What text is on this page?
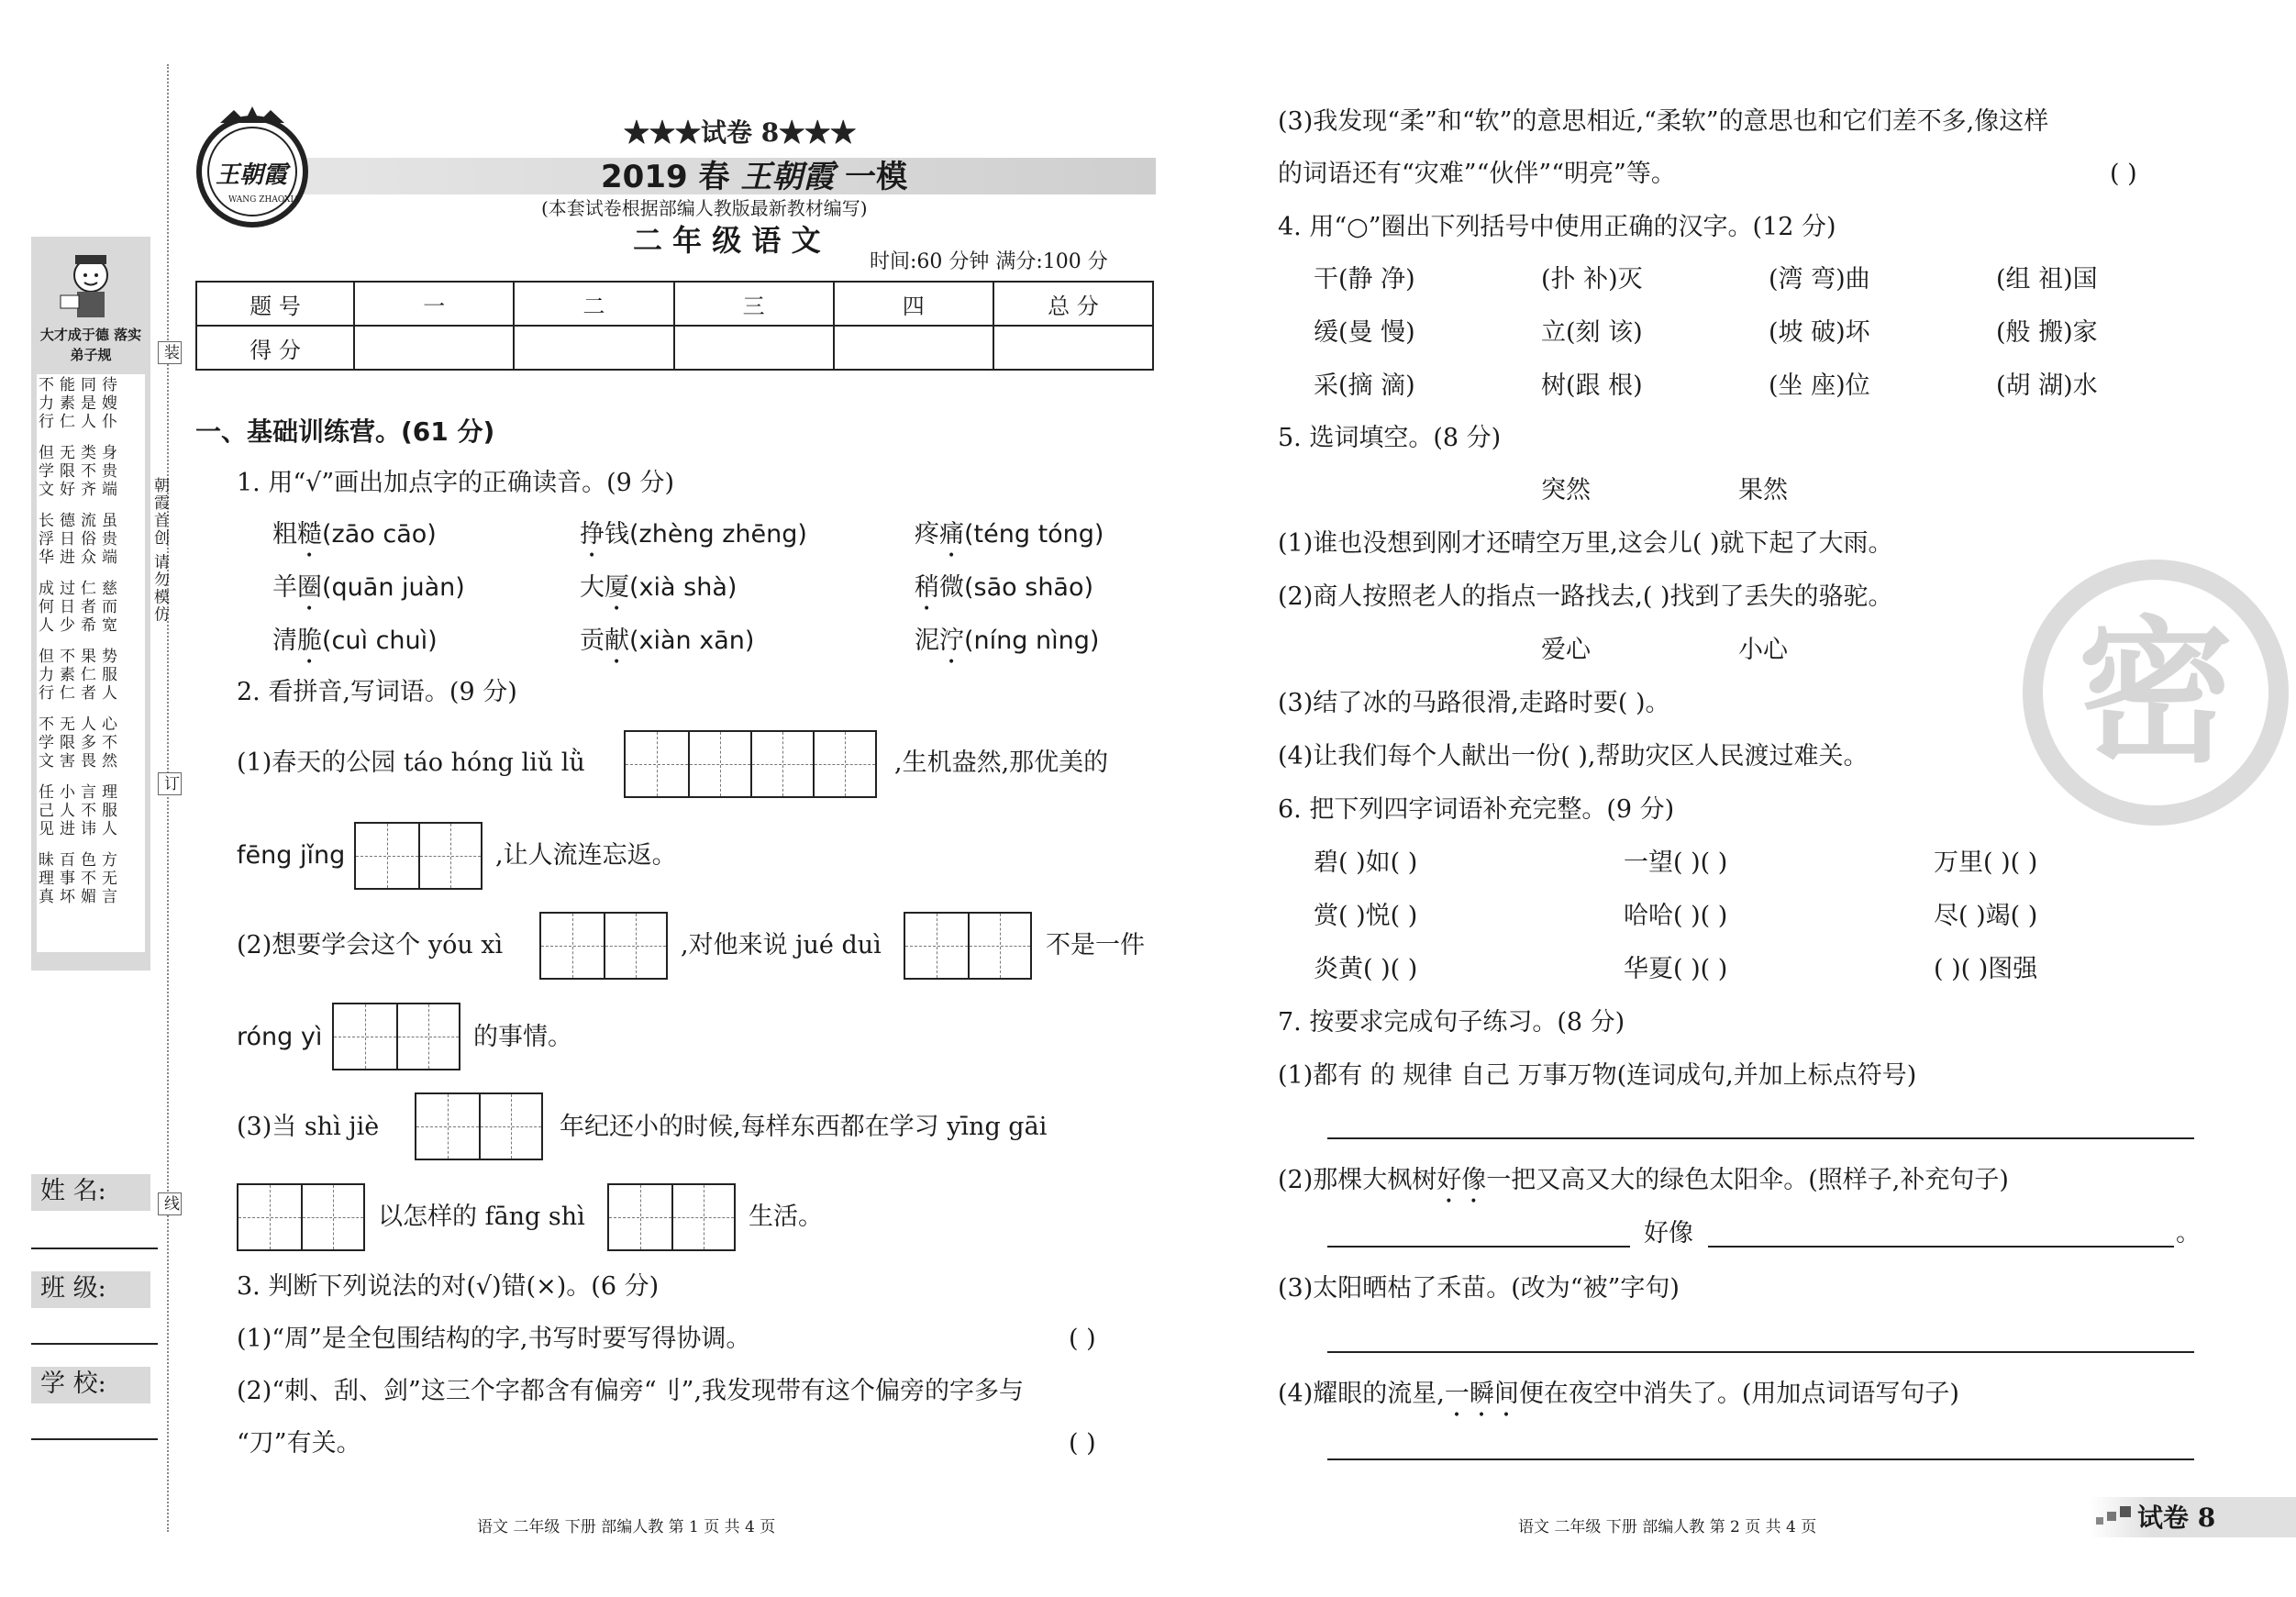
装
订
线
朝霞首创 请勿模仿
大才成于德 落实弟子规
不能同待
力素是嫂
行仁人仆
但无类身
学限不贵
文好齐端
长德流虽
浮日俗贵
华进众端
成过仁慈
何日者而
人少希宽
但不果势
力素仁服
行仁者人
不无人心
学限多不
文害畏然
任小言理
己人不服
见进讳人
昧百色方
理事不无
真坏媚言
姓 名:
班 级:
学 校:
王朝霞
WANG ZHAOXIA
★★★试卷 8★★★
2019 春 王朝霞 一模
(本套试卷根据部编人教版最新教材编写)
二 年 级 语 文
时间:60 分钟 满分:100 分
题 号	一	二	三	四	总 分
得 分					
一、基础训练营。(61 分)
1. 用“√”画出加点字的正确读音。(9 分)
粗糙(zāo cāo)	挣钱(zhèng zhēng)	疼痛(téng tóng)
羊圈(quān juàn)	大厦(xià shà)	稍微(sāo shāo)
清脆(cuì chuì)	贡献(xiàn xān)	泥泞(níng nìng)
2. 看拼音,写词语。(9 分)
(1)春天的公园 táo hóng liǔ lǜ	,生机盎然,那优美的
fēng jǐng	,让人流连忘返。
(2)想要学会这个 yóu xì	,对他来说 jué duì	不是一件
róng yì	的事情。
(3)当 shì jiè	年纪还小的时候,每样东西都在学习 yīng gāi
以怎样的 fāng shì	生活。
3. 判断下列说法的对(√)错(×)。(6 分)
(1)“周”是全包围结构的字,书写时要写得协调。	( )
(2)“刺、刮、剑”这三个字都含有偏旁“刂”,我发现带有这个偏旁的字多与
“刀”有关。	( )
语文 二年级 下册 部编人教 第 1 页 共 4 页
(3)我发现“柔”和“软”的意思相近,“柔软”的意思也和它们差不多,像这样
的词语还有“灾难”“伙伴”“明亮”等。	( )
4. 用“○”圈出下列括号中使用正确的汉字。(12 分)
干(静 净)	(扑 补)灭	(湾 弯)曲	(组 祖)国
缓(曼 慢)	立(刻 该)	(坡 破)坏	(般 搬)家
采(摘 滴)	树(跟 根)	(坐 座)位	(胡 湖)水
5. 选词填空。(8 分)
突然	果然
(1)谁也没想到刚才还晴空万里,这会儿( )就下起了大雨。
(2)商人按照老人的指点一路找去,( )找到了丢失的骆驼。
爱心	小心
(3)结了冰的马路很滑,走路时要( )。
(4)让我们每个人献出一份( ),帮助灾区人民渡过难关。
6. 把下列四字词语补充完整。(9 分)
碧( )如( )	一望( )( )	万里( )( )
赏( )悦( )	哈哈( )( )	尽( )竭( )
炎黄( )( )	华夏( )( )	( )( )图强
7. 按要求完成句子练习。(8 分)
(1)都有 的 规律 自己 万事万物(连词成句,并加上标点符号)
(2)那棵大枫树好像一把又高又大的绿色太阳伞。(照样子,补充句子)
好像	。
(3)太阳晒枯了禾苗。(改为“被”字句)
(4)耀眼的流星,一瞬间便在夜空中消失了。(用加点词语写句子)
密
语文 二年级 下册 部编人教 第 2 页 共 4 页	试卷 8
